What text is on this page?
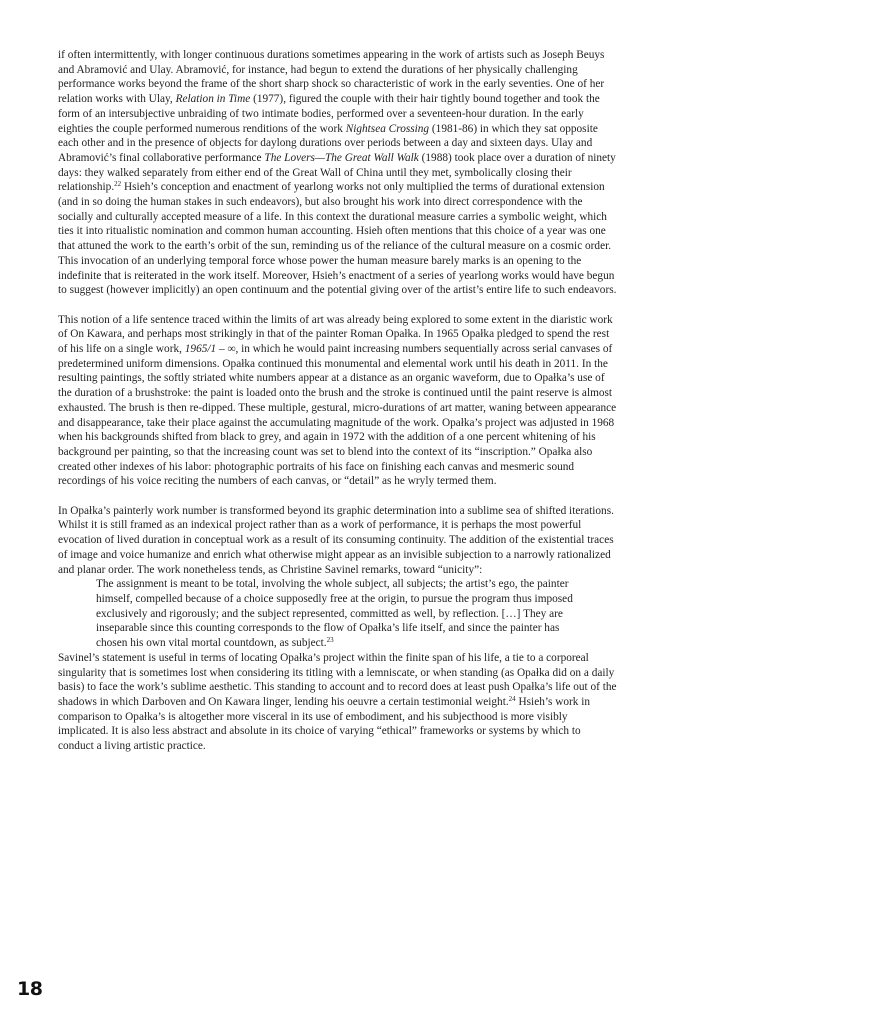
if often intermittently, with longer continuous durations sometimes appearing in the work of artists such as Joseph Beuys and Abramović and Ulay. Abramović, for instance, had begun to extend the durations of her physically challenging performance works beyond the frame of the short sharp shock so characteristic of work in the early seventies. One of her relation works with Ulay, Relation in Time (1977), figured the couple with their hair tightly bound together and took the form of an intersubjective unbraiding of two intimate bodies, performed over a seventeen-hour duration. In the early eighties the couple performed numerous renditions of the work Nightsea Crossing (1981-86) in which they sat opposite each other and in the presence of objects for daylong durations over periods between a day and sixteen days. Ulay and Abramović’s final collaborative performance The Lovers—The Great Wall Walk (1988) took place over a duration of ninety days: they walked separately from either end of the Great Wall of China until they met, symbolically closing their relationship.$^{22}$ Hsieh’s conception and enactment of yearlong works not only multiplied the terms of durational extension (and in so doing the human stakes in such endeavors), but also brought his work into direct correspondence with the socially and culturally accepted measure of a life. In this context the durational measure carries a symbolic weight, which ties it into ritualistic nomination and common human accounting. Hsieh often mentions that this choice of a year was one that attuned the work to the earth’s orbit of the sun, reminding us of the reliance of the cultural measure on a cosmic order. This invocation of an underlying temporal force whose power the human measure barely marks is an opening to the indefinite that is reiterated in the work itself. Moreover, Hsieh’s enactment of a series of yearlong works would have begun to suggest (however implicitly) an open continuum and the potential giving over of the artist’s entire life to such endeavors.

This notion of a life sentence traced within the limits of art was already being explored to some extent in the diaristic work of On Kawara, and perhaps most strikingly in that of the painter Roman Opałka. In 1965 Opałka pledged to spend the rest of his life on a single work, 1965/1 – ∞, in which he would paint increasing numbers sequentially across serial canvases of predetermined uniform dimensions. Opałka continued this monumental and elemental work until his death in 2011. In the resulting paintings, the softly striated white numbers appear at a distance as an organic waveform, due to Opałka’s use of the duration of a brushstroke: the paint is loaded onto the brush and the stroke is continued until the paint reserve is almost exhausted. The brush is then re-dipped. These multiple, gestural, micro-durations of art matter, waning between appearance and disappearance, take their place against the accumulating magnitude of the work. Opałka’s project was adjusted in 1968 when his backgrounds shifted from black to grey, and again in 1972 with the addition of a one percent whitening of his background per painting, so that the increasing count was set to blend into the context of its “inscription.” Opałka also created other indexes of his labor: photographic portraits of his face on finishing each canvas and mesmeric sound recordings of his voice reciting the numbers of each canvas, or “detail” as he wryly termed them.

In Opałka’s painterly work number is transformed beyond its graphic determination into a sublime sea of shifted iterations. Whilst it is still framed as an indexical project rather than as a work of performance, it is perhaps the most powerful evocation of lived duration in conceptual work as a result of its consuming continuity. The addition of the existential traces of image and voice humanize and enrich what otherwise might appear as an invisible subjection to a narrowly rationalized and planar order. The work nonetheless tends, as Christine Savinel remarks, toward “unicity”:

The assignment is meant to be total, involving the whole subject, all subjects; the artist’s ego, the painter himself, compelled because of a choice supposedly free at the origin, to pursue the program thus imposed exclusively and rigorously; and the subject represented, committed as well, by reflection. […] They are inseparable since this counting corresponds to the flow of Opałka’s life itself, and since the painter has chosen his own vital mortal countdown, as subject.$^{23}$

Savinel’s statement is useful in terms of locating Opałka’s project within the finite span of his life, a tie to a corporeal singularity that is sometimes lost when considering its titling with a lemniscate, or when standing (as Opałka did on a daily basis) to face the work’s sublime aesthetic. This standing to account and to record does at least push Opałka’s life out of the shadows in which Darboven and On Kawara linger, lending his oeuvre a certain testimonial weight.$^{24}$ Hsieh’s work in comparison to Opałka’s is altogether more visceral in its use of embodiment, and his subjecthood is more visibly implicated. It is also less abstract and absolute in its choice of varying “ethical” frameworks or systems by which to conduct a living artistic practice.

18
